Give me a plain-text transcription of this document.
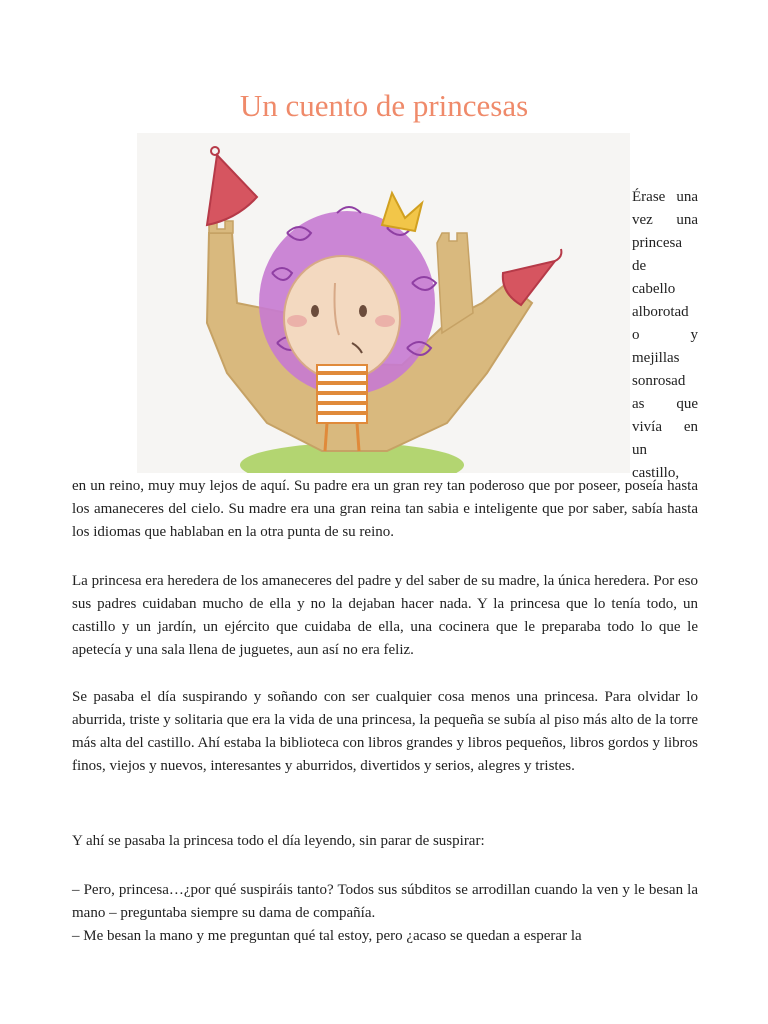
Un cuento de princesas
Érase una
vez una
princesa
de
cabello
alborotad
o y
mejillas
sonrosad
as que
vivía en
un
castillo,

en un reino, muy muy lejos de aquí. Su padre era un gran rey tan poderoso que por poseer, poseía hasta los amaneceres del cielo. Su madre era una gran reina tan sabia e inteligente que por saber, sabía hasta los idiomas que hablaban en la otra punta de su reino.

La princesa era heredera de los amaneceres del padre y del saber de su madre, la única heredera. Por eso sus padres cuidaban mucho de ella y no la dejaban hacer nada. Y la princesa que lo tenía todo, un castillo y un jardín, un ejército que cuidaba de ella, una cocinera que le preparaba todo lo que le apetecía y una sala llena de juguetes, aun así no era feliz.

Se pasaba el día suspirando y soñando con ser cualquier cosa menos una princesa. Para olvidar lo aburrida, triste y solitaria que era la vida de una princesa, la pequeña se subía al piso más alto de la torre más alta del castillo. Ahí estaba la biblioteca con libros grandes y libros pequeños, libros gordos y libros finos, viejos y nuevos, interesantes y aburridos, divertidos y serios, alegres y tristes.

Y ahí se pasaba la princesa todo el día leyendo, sin parar de suspirar:

– Pero, princesa…¿por qué suspiráis tanto? Todos sus súbditos se arrodillan cuando la ven y le besan la mano – preguntaba siempre su dama de compañía.

– Me besan la mano y me preguntan qué tal estoy, pero ¿acaso se quedan a esperar la
